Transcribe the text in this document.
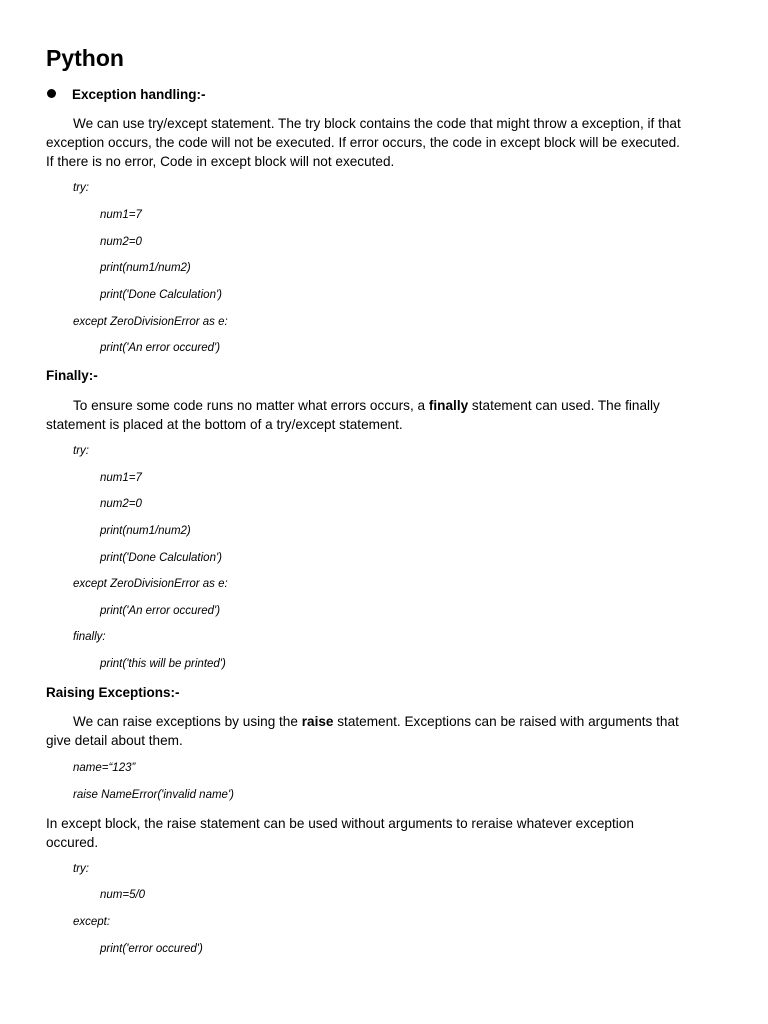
Python
Exception handling:-

We can use try/except statement. The try block contains the code that might throw a exception, if that
exception occurs, the code will not be executed. If error occurs, the code in except block will be executed.
If there is no error, Code in except block will not executed.

try:

num1=7

num2=0

print(num1/num2)

print('Done Calculation')

except ZeroDivisionError as e:

print('An error occured')

Finally:-

To ensure some code runs no matter what errors occurs, a finally statement can used. The finally
statement is placed at the bottom of a try/except statement.

try:

num1=7

num2=0

print(num1/num2)

print('Done Calculation')

except ZeroDivisionError as e:

print('An error occured')

finally:

print('this will be printed')

Raising Exceptions:-

We can raise exceptions by using the raise statement. Exceptions can be raised with arguments that
give detail about them.

name=“123”

raise NameError('invalid name')

In except block, the raise statement can be used without arguments to reraise whatever exception
occured.

try:

num=5/0

except:

print('error occured')
